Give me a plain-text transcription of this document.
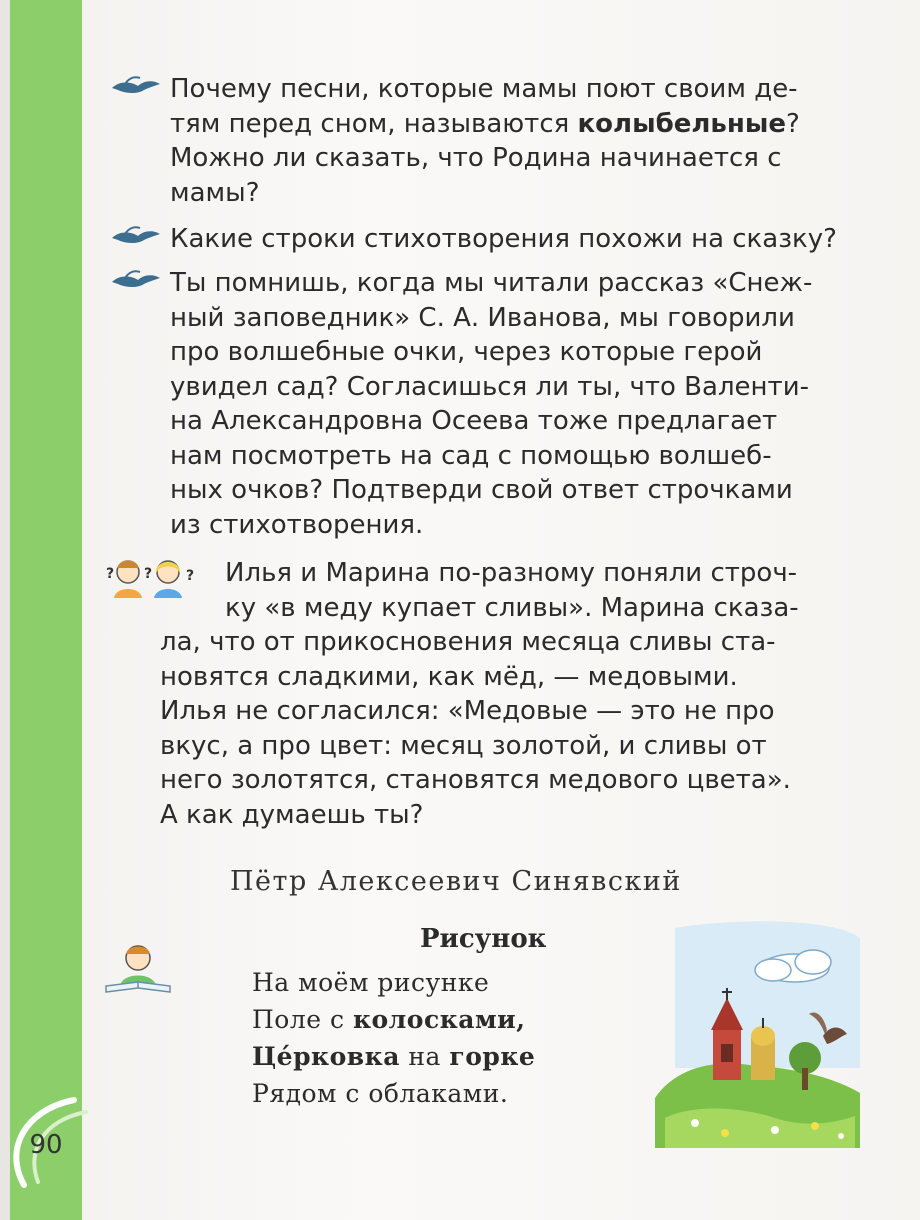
90
Почему песни, которые мамы поют своим де-
тям перед сном, называются колыбельные?
Можно ли сказать, что Родина начинается с
мамы?
Какие строки стихотворения похожи на сказку?
Ты помнишь, когда мы читали рассказ «Снеж-
ный заповедник» С. А. Иванова, мы говорили
про волшебные очки, через которые герой
увидел сад? Согласишься ли ты, что Валенти-
на Александровна Осеева тоже предлагает
нам посмотреть на сад с помощью волшеб-
ных очков? Подтверди свой ответ строчками
из стихотворения.
? ? ?	Илья и Марина по-разному поняли строч-
ку «в меду купает сливы». Марина сказа-
ла, что от прикосновения месяца сливы ста-
новятся сладкими, как мёд, — медовыми.
Илья не согласился: «Медовые — это не про
вкус, а про цвет: месяц золотой, и сливы от
него золотятся, становятся медового цвета».
А как думаешь ты?
Пётр Алексеевич Синявский
Рисунок
На моём рисунке
Поле с колосками,
Це́рковка на горке
Рядом с облаками.
